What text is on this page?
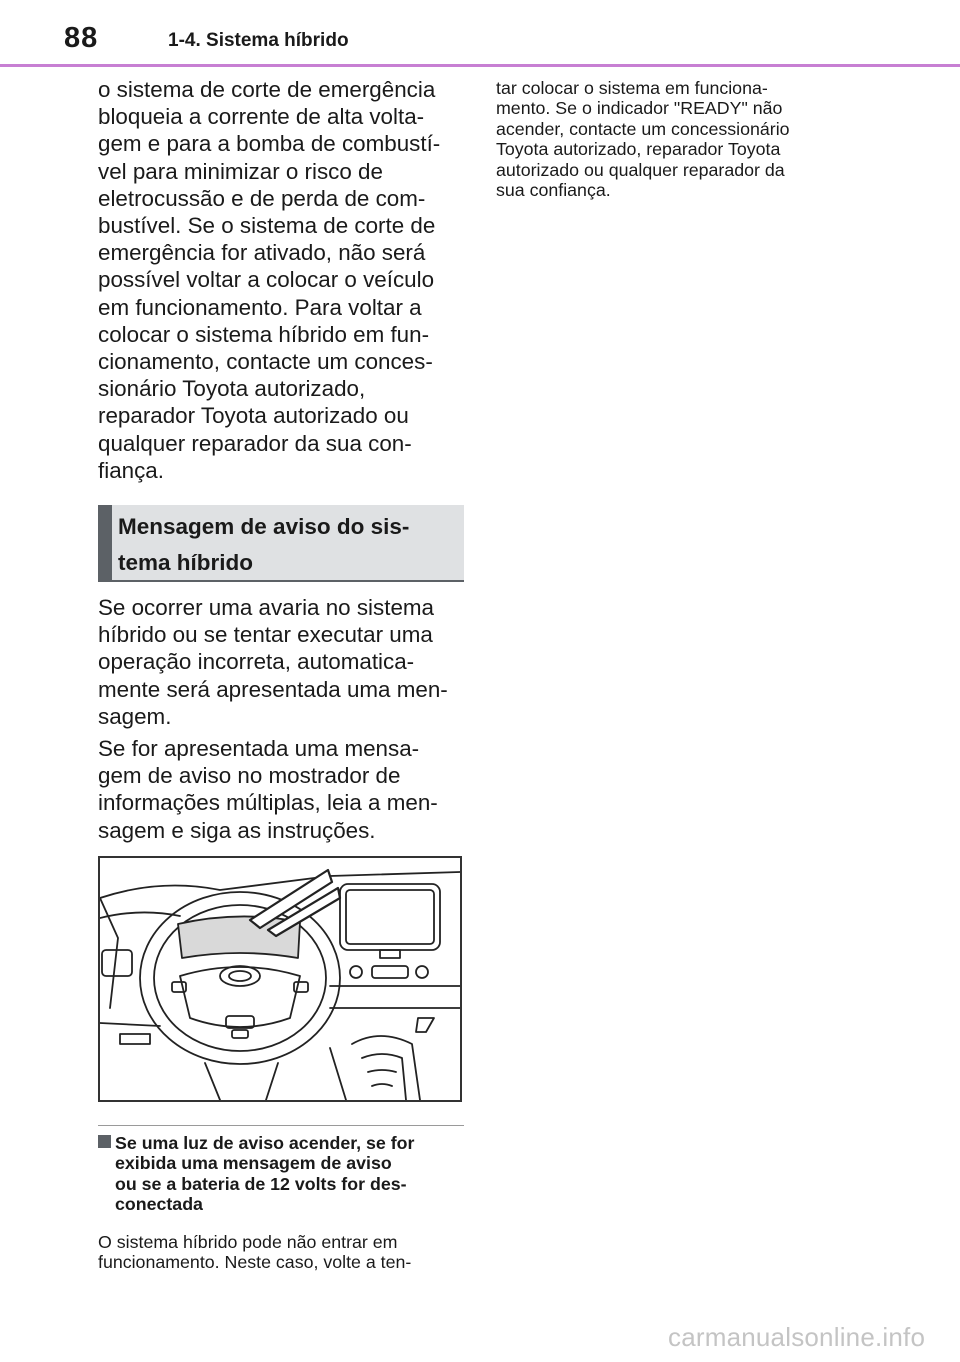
88	1-4. Sistema híbrido

o sistema de corte de emergência

bloqueia a corrente de alta volta-

gem e para a bomba de combustí-

vel para minimizar o risco de

eletrocussão e de perda de com-

bustível. Se o sistema de corte de

emergência for ativado, não será

possível voltar a colocar o veículo

em funcionamento. Para voltar a

colocar o sistema híbrido em fun-

cionamento, contacte um conces-

sionário Toyota autorizado,

reparador Toyota autorizado ou

qualquer reparador da sua con-

fiança.

Mensagem de aviso do sis-
tema híbrido

Se ocorrer uma avaria no sistema

híbrido ou se tentar executar uma

operação incorreta, automatica-

mente será apresentada uma men-

sagem.

Se for apresentada uma mensa-

gem de aviso no mostrador de

informações múltiplas, leia a men-

sagem e siga as instruções.

Se uma luz de aviso acender, se for
exibida uma mensagem de aviso
ou se a bateria de 12 volts for des-
conectada

O sistema híbrido pode não entrar em

funcionamento. Neste caso, volte a ten-

tar colocar o sistema em funciona-

mento. Se o indicador "READY" não

acender, contacte um concessionário

Toyota autorizado, reparador Toyota

autorizado ou qualquer reparador da

sua confiança.

carmanualsonline.info
